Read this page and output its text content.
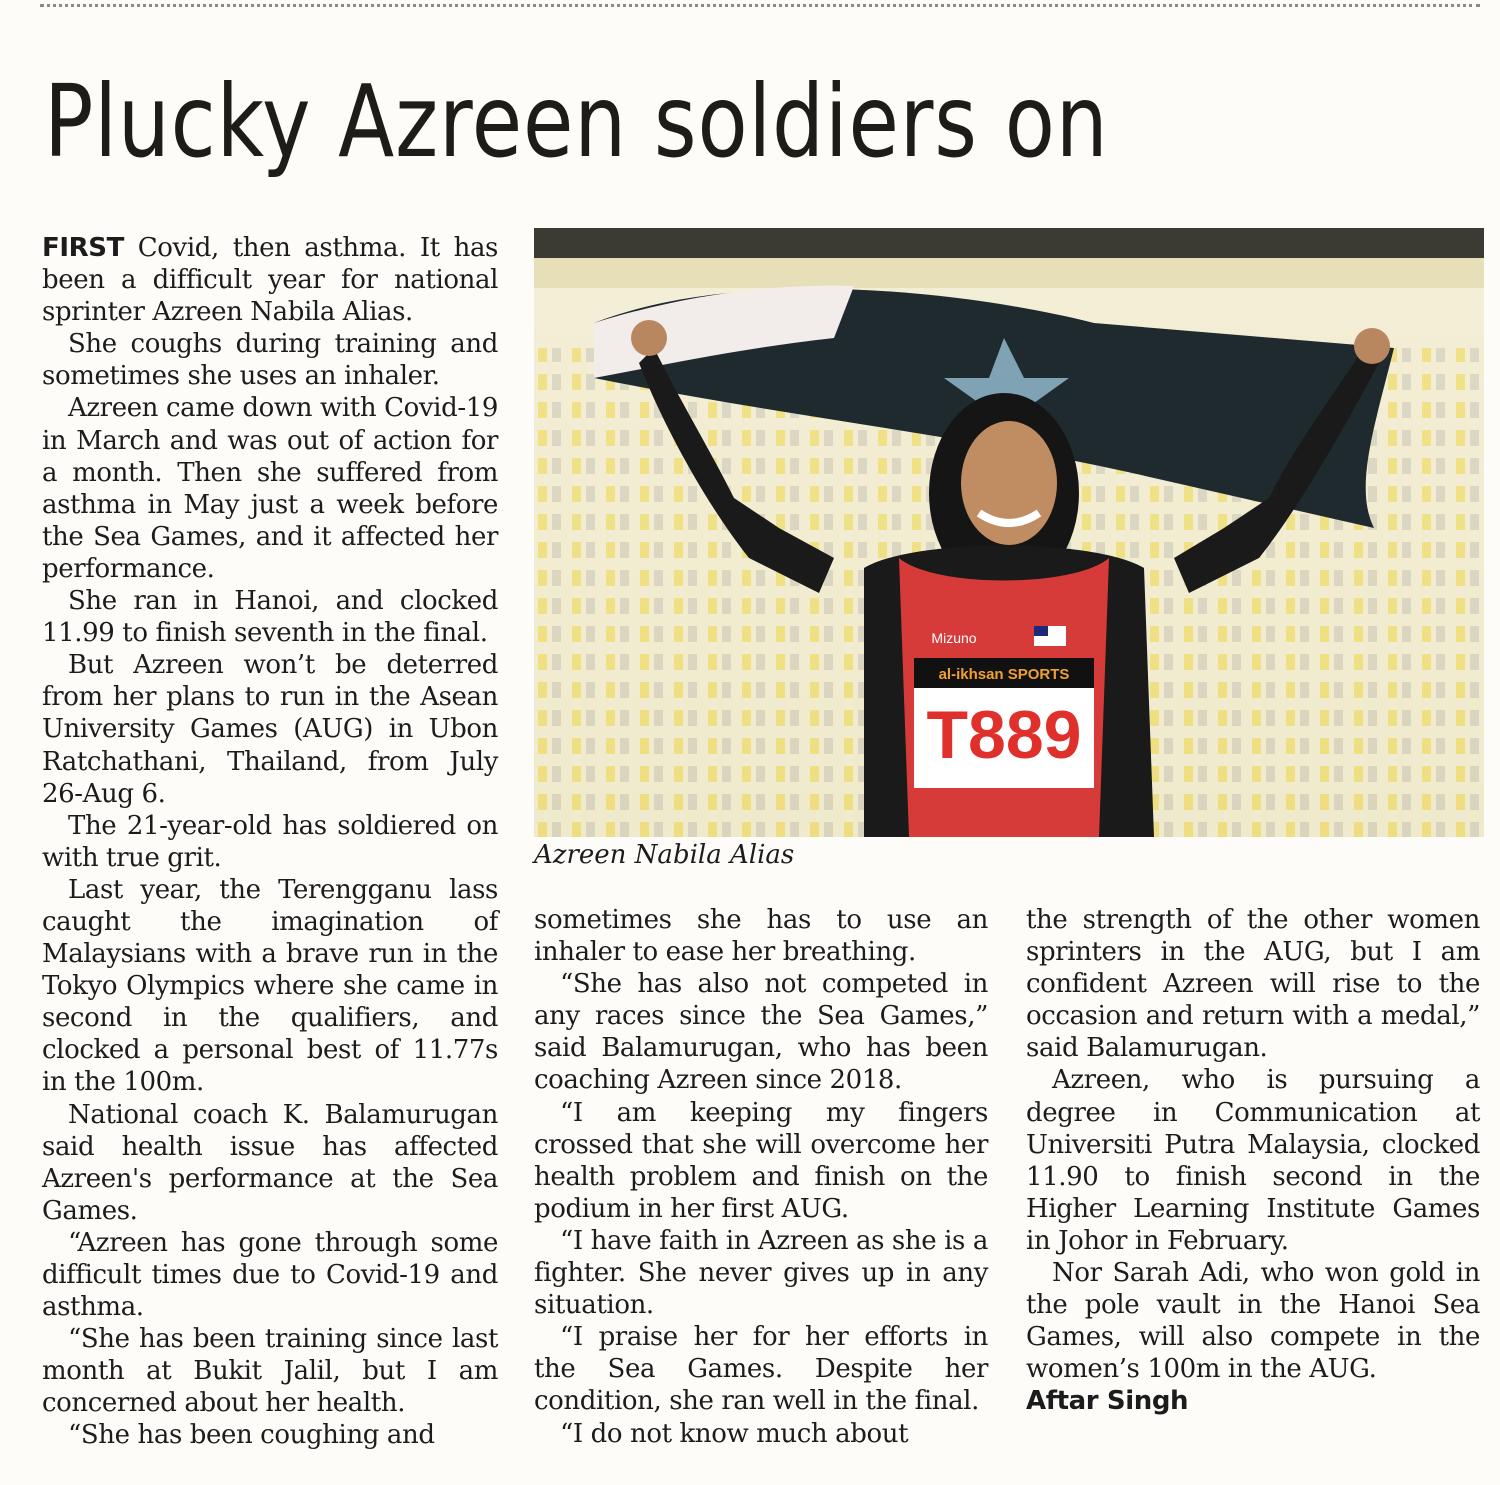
Plucky Azreen soldiers on

FIRST Covid, then asthma. It has been a difficult year for national sprinter Azreen Nabila Alias.

She coughs during training and sometimes she uses an inhaler.

Azreen came down with Covid-19 in March and was out of action for a month. Then she suffered from asthma in May just a week before the Sea Games, and it affected her performance.

She ran in Hanoi, and clocked 11.99 to finish seventh in the final.

But Azreen won’t be deterred from her plans to run in the Asean University Games (AUG) in Ubon Ratchathani, Thailand, from July 26-Aug 6.

The 21-year-old has soldiered on with true grit.

Last year, the Terengganu lass caught the imagination of Malaysians with a brave run in the Tokyo Olympics where she came in second in the qualifiers, and clocked a personal best of 11.77s in the 100m.

National coach K. Balamurugan said health issue has affected Azreen's performance at the Sea Games.

“Azreen has gone through some difficult times due to Covid-19 and asthma.

“She has been training since last month at Bukit Jalil, but I am concerned about her health.

“She has been coughing and

al-ikhsan SPORTS
T889
Mizuno
Azreen Nabila Alias

sometimes she has to use an inhaler to ease her breathing.

“She has also not competed in any races since the Sea Games,” said Balamurugan, who has been coaching Azreen since 2018.

“I am keeping my fingers crossed that she will overcome her health problem and finish on the podium in her first AUG.

“I have faith in Azreen as she is a fighter. She never gives up in any situation.

“I praise her for her efforts in the Sea Games. Despite her condition, she ran well in the final.

“I do not know much about

the strength of the other women sprinters in the AUG, but I am confident Azreen will rise to the occasion and return with a medal,” said Balamurugan.

Azreen, who is pursuing a degree in Communication at Universiti Putra Malaysia, clocked 11.90 to finish second in the Higher Learning Institute Games in Johor in February.

Nor Sarah Adi, who won gold in the pole vault in the Hanoi Sea Games, will also compete in the women’s 100m in the AUG.

Aftar Singh
